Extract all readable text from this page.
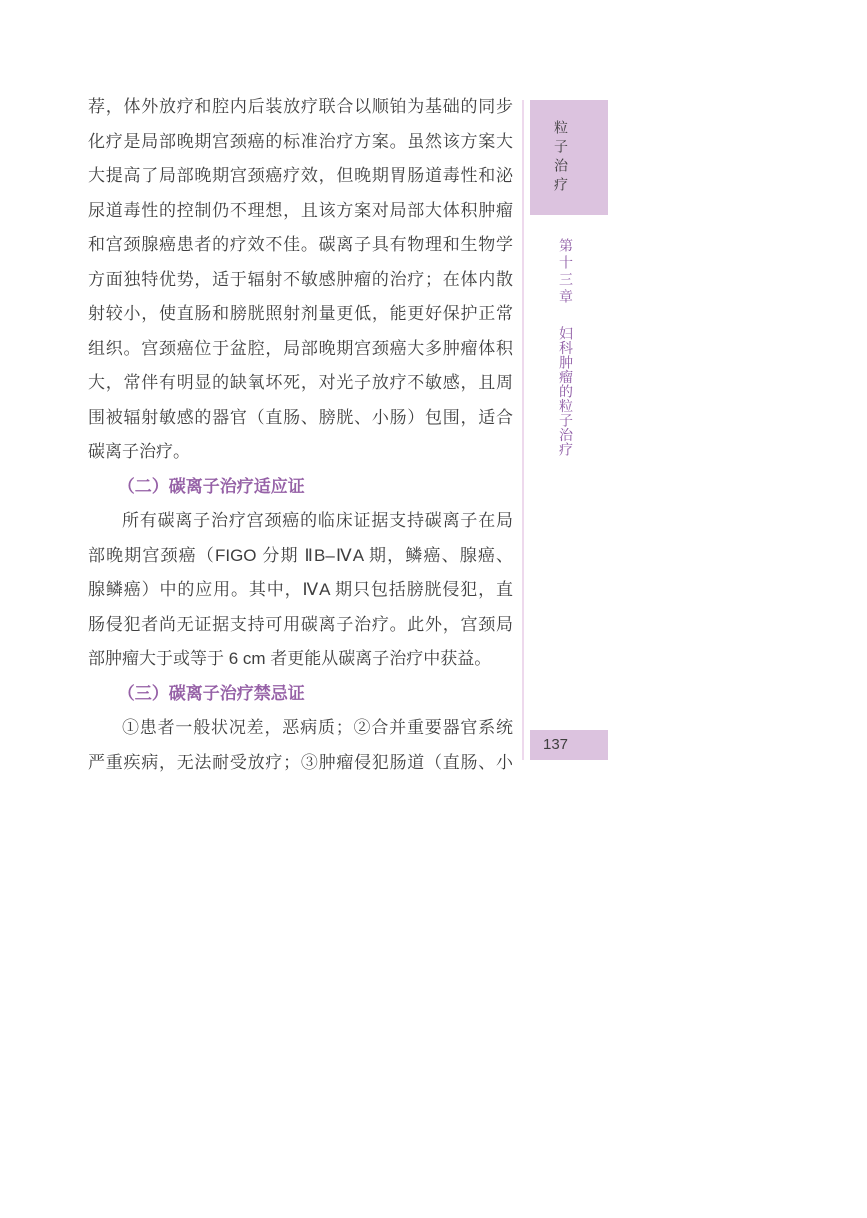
荐，体外放疗和腔内后装放疗联合以顺铂为基础的同步
化疗是局部晚期宫颈癌的标准治疗方案。虽然该方案大
大提高了局部晚期宫颈癌疗效，但晚期胃肠道毒性和泌
尿道毒性的控制仍不理想，且该方案对局部大体积肿瘤
和宫颈腺癌患者的疗效不佳。碳离子具有物理和生物学
方面独特优势，适于辐射不敏感肿瘤的治疗；在体内散
射较小，使直肠和膀胱照射剂量更低，能更好保护正常
组织。宫颈癌位于盆腔，局部晚期宫颈癌大多肿瘤体积
大，常伴有明显的缺氧坏死，对光子放疗不敏感，且周
围被辐射敏感的器官（直肠、膀胱、小肠）包围，适合
碳离子治疗。
（二）碳离子治疗适应证
所有碳离子治疗宫颈癌的临床证据支持碳离子在局
部晚期宫颈癌（FIGO 分期 ⅡB–ⅣA 期，鳞癌、腺癌、
腺鳞癌）中的应用。其中，ⅣA 期只包括膀胱侵犯，直
肠侵犯者尚无证据支持可用碳离子治疗。此外，宫颈局
部肿瘤大于或等于 6 cm 者更能从碳离子治疗中获益。
（三）碳离子治疗禁忌证
①患者一般状况差，恶病质；②合并重要器官系统
严重疾病，无法耐受放疗；③肿瘤侵犯肠道（直肠、小
粒子治疗
第十三章
妇科肿瘤的粒子治疗
137
